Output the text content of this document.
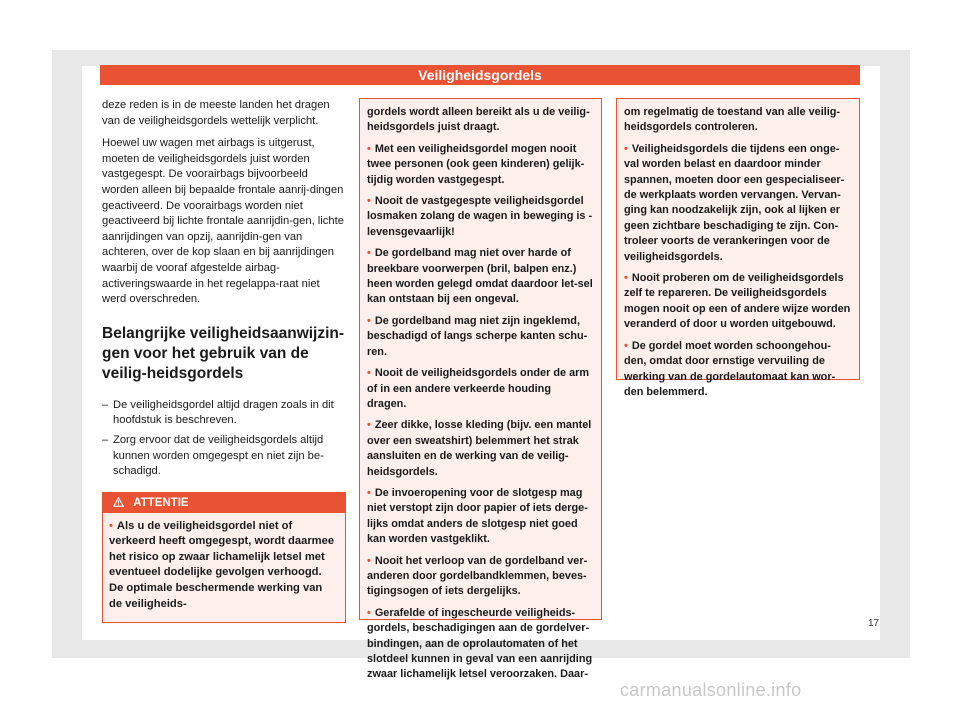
Veiligheidsgordels

deze reden is in de meeste landen het dragen van de veiligheidsgordels wettelijk verplicht.

Hoewel uw wagen met airbags is uitgerust, moeten de veiligheidsgordels juist worden vastgegespt. De voorairbags bijvoorbeeld worden alleen bij bepaalde frontale aanrij-dingen geactiveerd. De voorairbags worden niet geactiveerd bij lichte frontale aanrijdin-gen, lichte aanrijdingen van opzij, aanrijdin-gen van achteren, over de kop slaan en bij aanrijdingen waarbij de vooraf afgestelde airbag-activeringswaarde in het regelappa-raat niet werd overschreden.

Belangrijke veiligheidsaanwijzin-gen voor het gebruik van de veilig-heidsgordels

– De veiligheidsgordel altijd dragen zoals in dit hoofdstuk is beschreven.
– Zorg ervoor dat de veiligheidsgordels altijd kunnen worden omgegespt en niet zijn be-schadigd.
ATTENTIE
• Als u de veiligheidsgordel niet of verkeerd heeft omgegespt, wordt daarmee het risico op zwaar lichamelijk letsel met eventueel dodelijke gevolgen verhoogd. De optimale beschermende werking van de veiligheids-
gordels wordt alleen bereikt als u de veilig-heidsgordels juist draagt.
• Met een veiligheidsgordel mogen nooit twee personen (ook geen kinderen) gelijk-tijdig worden vastgegespt.
• Nooit de vastgegespte veiligheidsgordel losmaken zolang de wagen in beweging is - levensgevaarlijk!
• De gordelband mag niet over harde of breekbare voorwerpen (bril, balpen enz.) heen worden gelegd omdat daardoor let-sel kan ontstaan bij een ongeval.
• De gordelband mag niet zijn ingeklemd, beschadigd of langs scherpe kanten schu-ren.
• Nooit de veiligheidsgordels onder de arm of in een andere verkeerde houding dragen.
• Zeer dikke, losse kleding (bijv. een mantel over een sweatshirt) belemmert het strak aansluiten en de werking van de veilig-heidsgordels.
• De invoeropening voor de slotgesp mag niet verstopt zijn door papier of iets derge-lijks omdat anders de slotgesp niet goed kan worden vastgeklikt.
• Nooit het verloop van de gordelband ver-anderen door gordelbandklemmen, beves-tigingsogen of iets dergelijks.
• Gerafelde of ingescheurde veiligheids-gordels, beschadigingen aan de gordelver-bindingen, aan de oprolautomaten of het slotdeel kunnen in geval van een aanrijding zwaar lichamelijk letsel veroorzaken. Daar-
om regelmatig de toestand van alle veilig-heidsgordels controleren.
• Veiligheidsgordels die tijdens een onge-val worden belast en daardoor minder spannen, moeten door een gespecialiseer-de werkplaats worden vervangen. Vervan-ging kan noodzakelijk zijn, ook al lijken er geen zichtbare beschadiging te zijn. Con-troleer voorts de verankeringen voor de veiligheidsgordels.
• Nooit proberen om de veiligheidsgordels zelf te repareren. De veiligheidsgordels mogen nooit op een of andere wijze worden veranderd of door u worden uitgebouwd.
• De gordel moet worden schoongehou-den, omdat door ernstige vervuiling de werking van de gordelautomaat kan wor-den belemmerd.
17
carmanualsonline.info
